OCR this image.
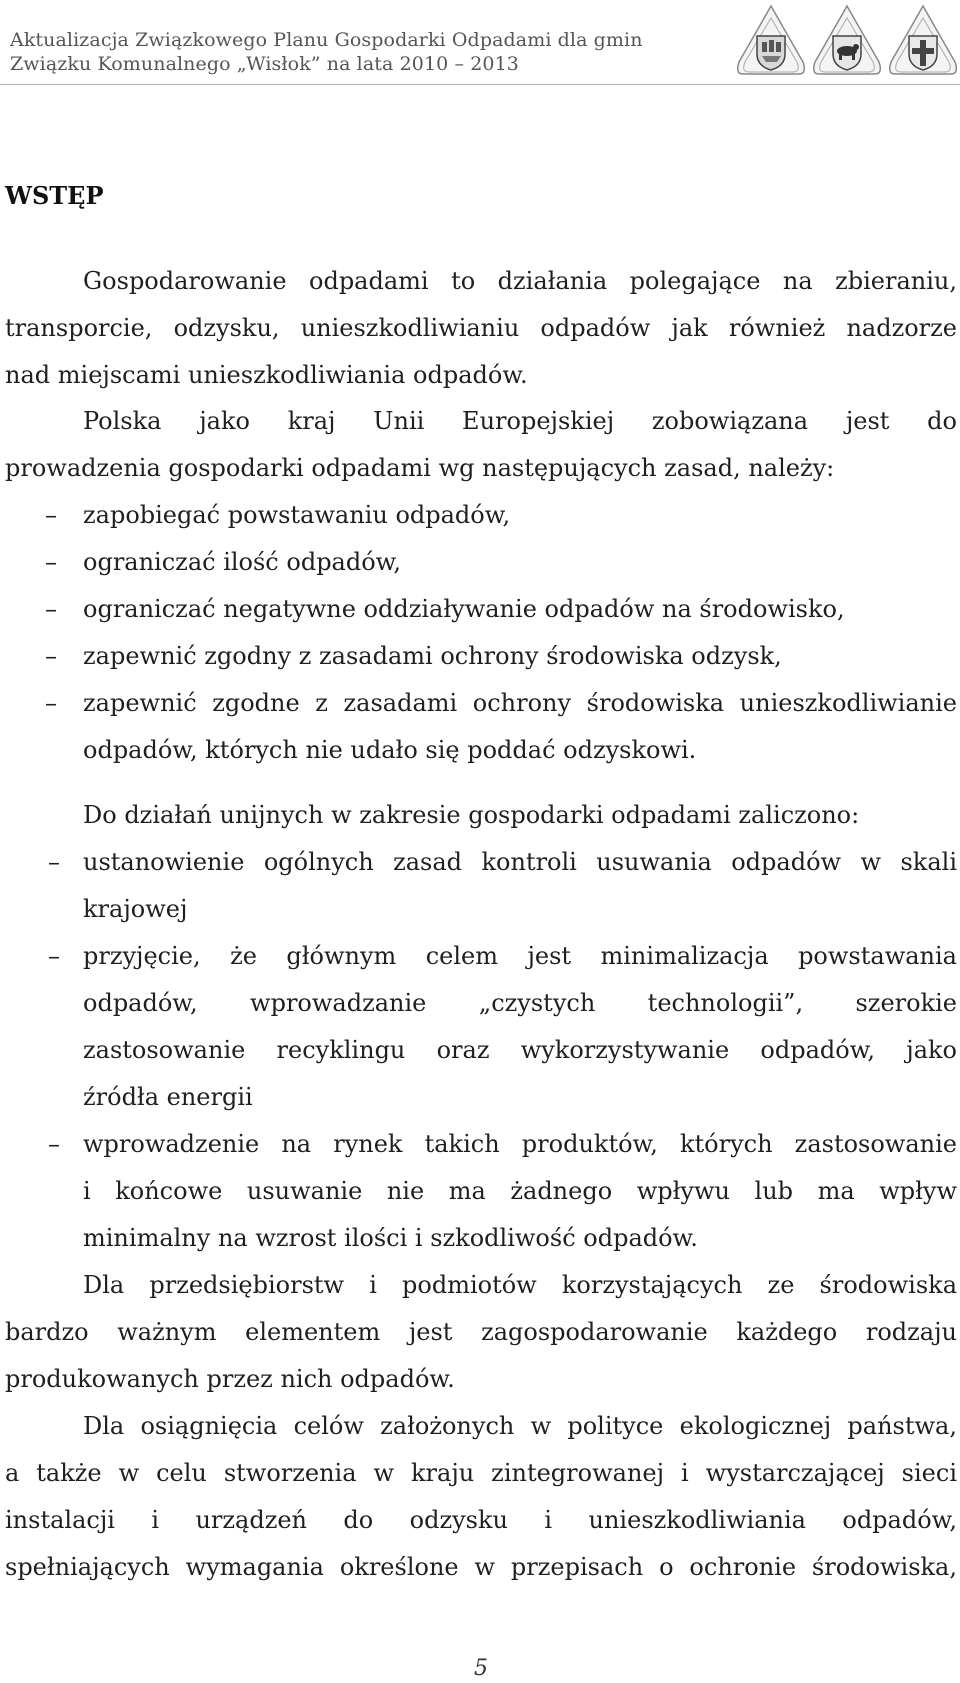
Aktualizacja Związkowego Planu Gospodarki Odpadami dla gmin
Związku Komunalnego „Wisłok” na lata 2010 – 2013
WSTĘP
Gospodarowanie odpadami to działania polegające na zbieraniu,
transporcie, odzysku, unieszkodliwianiu odpadów jak również nadzorze
nad miejscami unieszkodliwiania odpadów.
Polska jako kraj Unii Europejskiej zobowiązana jest do
prowadzenia gospodarki odpadami wg następujących zasad, należy:
– zapobiegać powstawaniu odpadów,
– ograniczać ilość odpadów,
– ograniczać negatywne oddziaływanie odpadów na środowisko,
– zapewnić zgodny z zasadami ochrony środowiska odzysk,
– zapewnić zgodne z zasadami ochrony środowiska unieszkodliwianie
odpadów, których nie udało się poddać odzyskowi.
Do działań unijnych w zakresie gospodarki odpadami zaliczono:
– ustanowienie ogólnych zasad kontroli usuwania odpadów w skali
krajowej
– przyjęcie, że głównym celem jest minimalizacja powstawania
odpadów, wprowadzanie „czystych technologii”, szerokie
zastosowanie recyklingu oraz wykorzystywanie odpadów, jako
źródła energii
– wprowadzenie na rynek takich produktów, których zastosowanie
i końcowe usuwanie nie ma żadnego wpływu lub ma wpływ
minimalny na wzrost ilości i szkodliwość odpadów.
Dla przedsiębiorstw i podmiotów korzystających ze środowiska
bardzo ważnym elementem jest zagospodarowanie każdego rodzaju
produkowanych przez nich odpadów.
Dla osiągnięcia celów założonych w polityce ekologicznej państwa,
a także w celu stworzenia w kraju zintegrowanej i wystarczającej sieci
instalacji i urządzeń do odzysku i unieszkodliwiania odpadów,
spełniających wymagania określone w przepisach o ochronie środowiska,
5
